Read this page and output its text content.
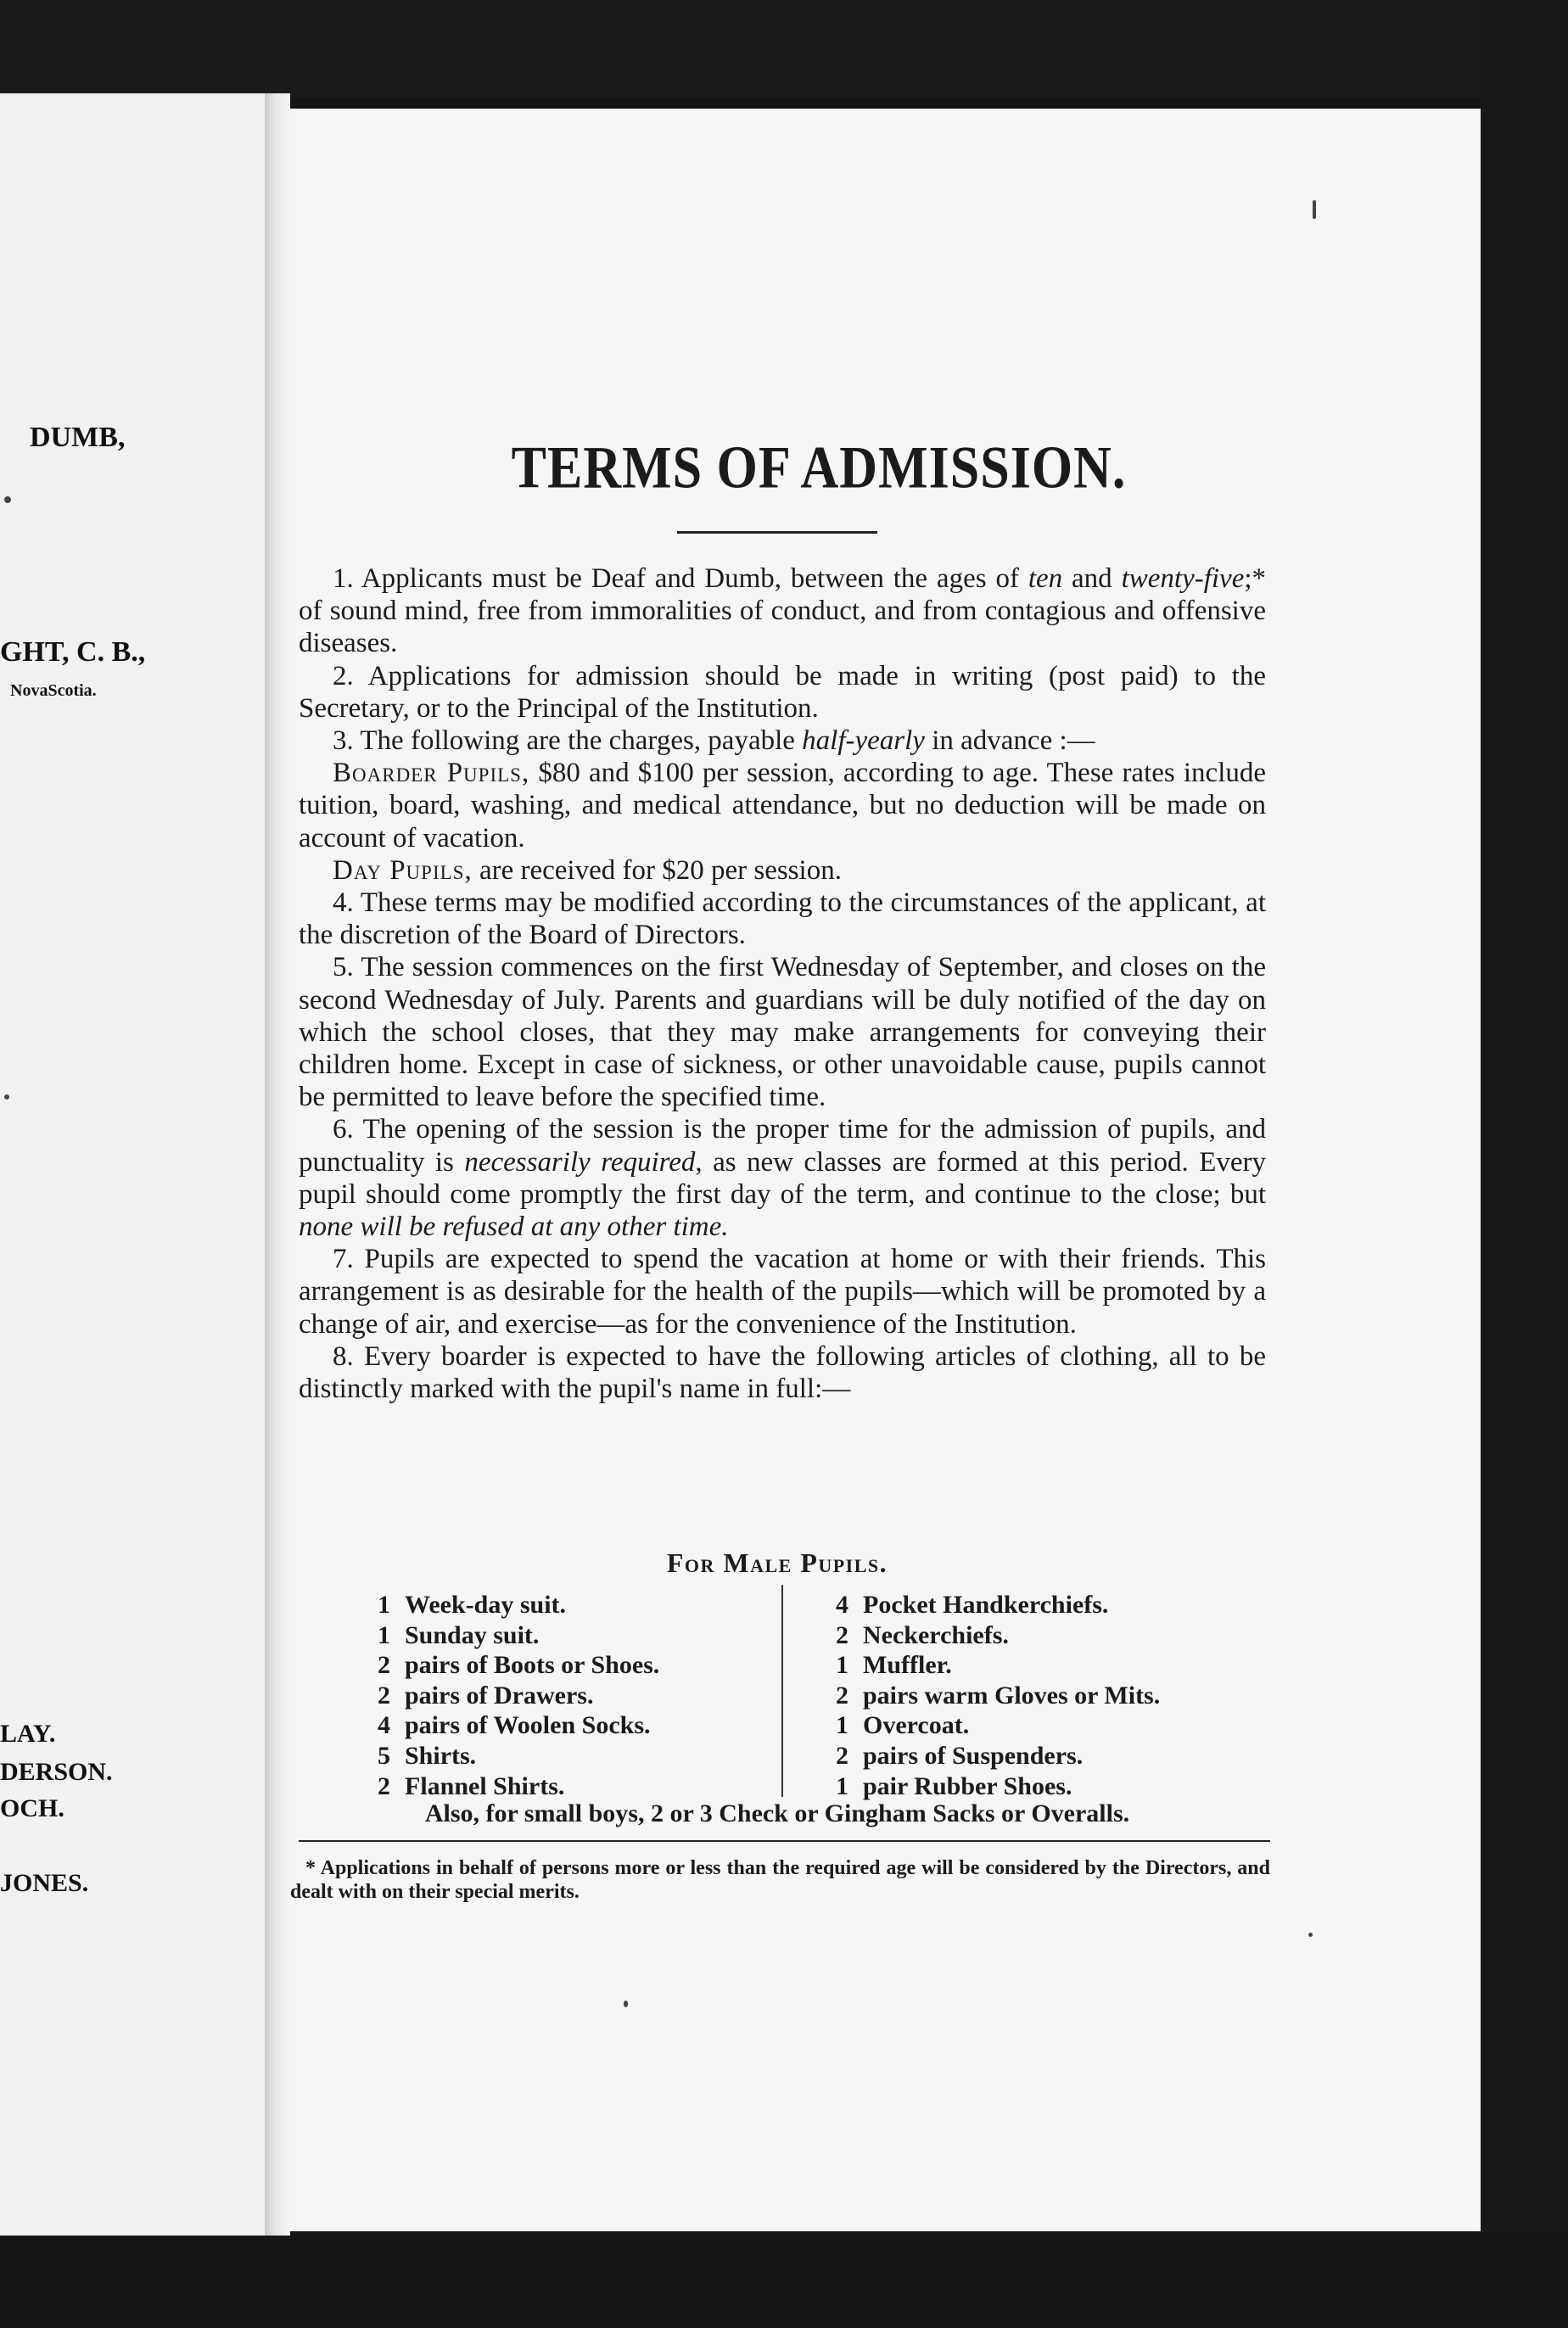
DUMB,
GHT, C. B.,
NovaScotia.
LAY.
DERSON.
OCH.
JONES.
TERMS OF ADMISSION.

1. Applicants must be Deaf and Dumb, between the ages of ten and twenty-five;* of sound mind, free from immoralities of conduct, and from contagious and offensive diseases.

2. Applications for admission should be made in writing (post paid) to the Secretary, or to the Principal of the Institution.

3. The following are the charges, payable half-yearly in advance :—

Boarder Pupils, $80 and $100 per session, according to age. These rates include tuition, board, washing, and medical attendance, but no deduction will be made on account of vacation.

Day Pupils, are received for $20 per session.

4. These terms may be modified according to the circumstances of the applicant, at the discretion of the Board of Directors.

5. The session commences on the first Wednesday of September, and closes on the second Wednesday of July. Parents and guardians will be duly notified of the day on which the school closes, that they may make arrangements for conveying their children home. Except in case of sickness, or other unavoidable cause, pupils cannot be permitted to leave before the specified time.

6. The opening of the session is the proper time for the admission of pupils, and punctuality is necessarily required, as new classes are formed at this period. Every pupil should come promptly the first day of the term, and continue to the close; but none will be refused at any other time.

7. Pupils are expected to spend the vacation at home or with their friends. This arrangement is as desirable for the health of the pupils—which will be promoted by a change of air, and exercise—as for the convenience of the Institution.

8. Every boarder is expected to have the following articles of clothing, all to be distinctly marked with the pupil's name in full:—

For Male Pupils.
1 Week-day suit.
1 Sunday suit.
2 pairs of Boots or Shoes.
2 pairs of Drawers.
4 pairs of Woolen Socks.
5 Shirts.
2 Flannel Shirts.
4 Pocket Handkerchiefs.
2 Neckerchiefs.
1 Muffler.
2 pairs warm Gloves or Mits.
1 Overcoat.
2 pairs of Suspenders.
1 pair Rubber Shoes.
Also, for small boys, 2 or 3 Check or Gingham Sacks or Overalls.
* Applications in behalf of persons more or less than the required age will be considered by the Directors, and dealt with on their special merits.
